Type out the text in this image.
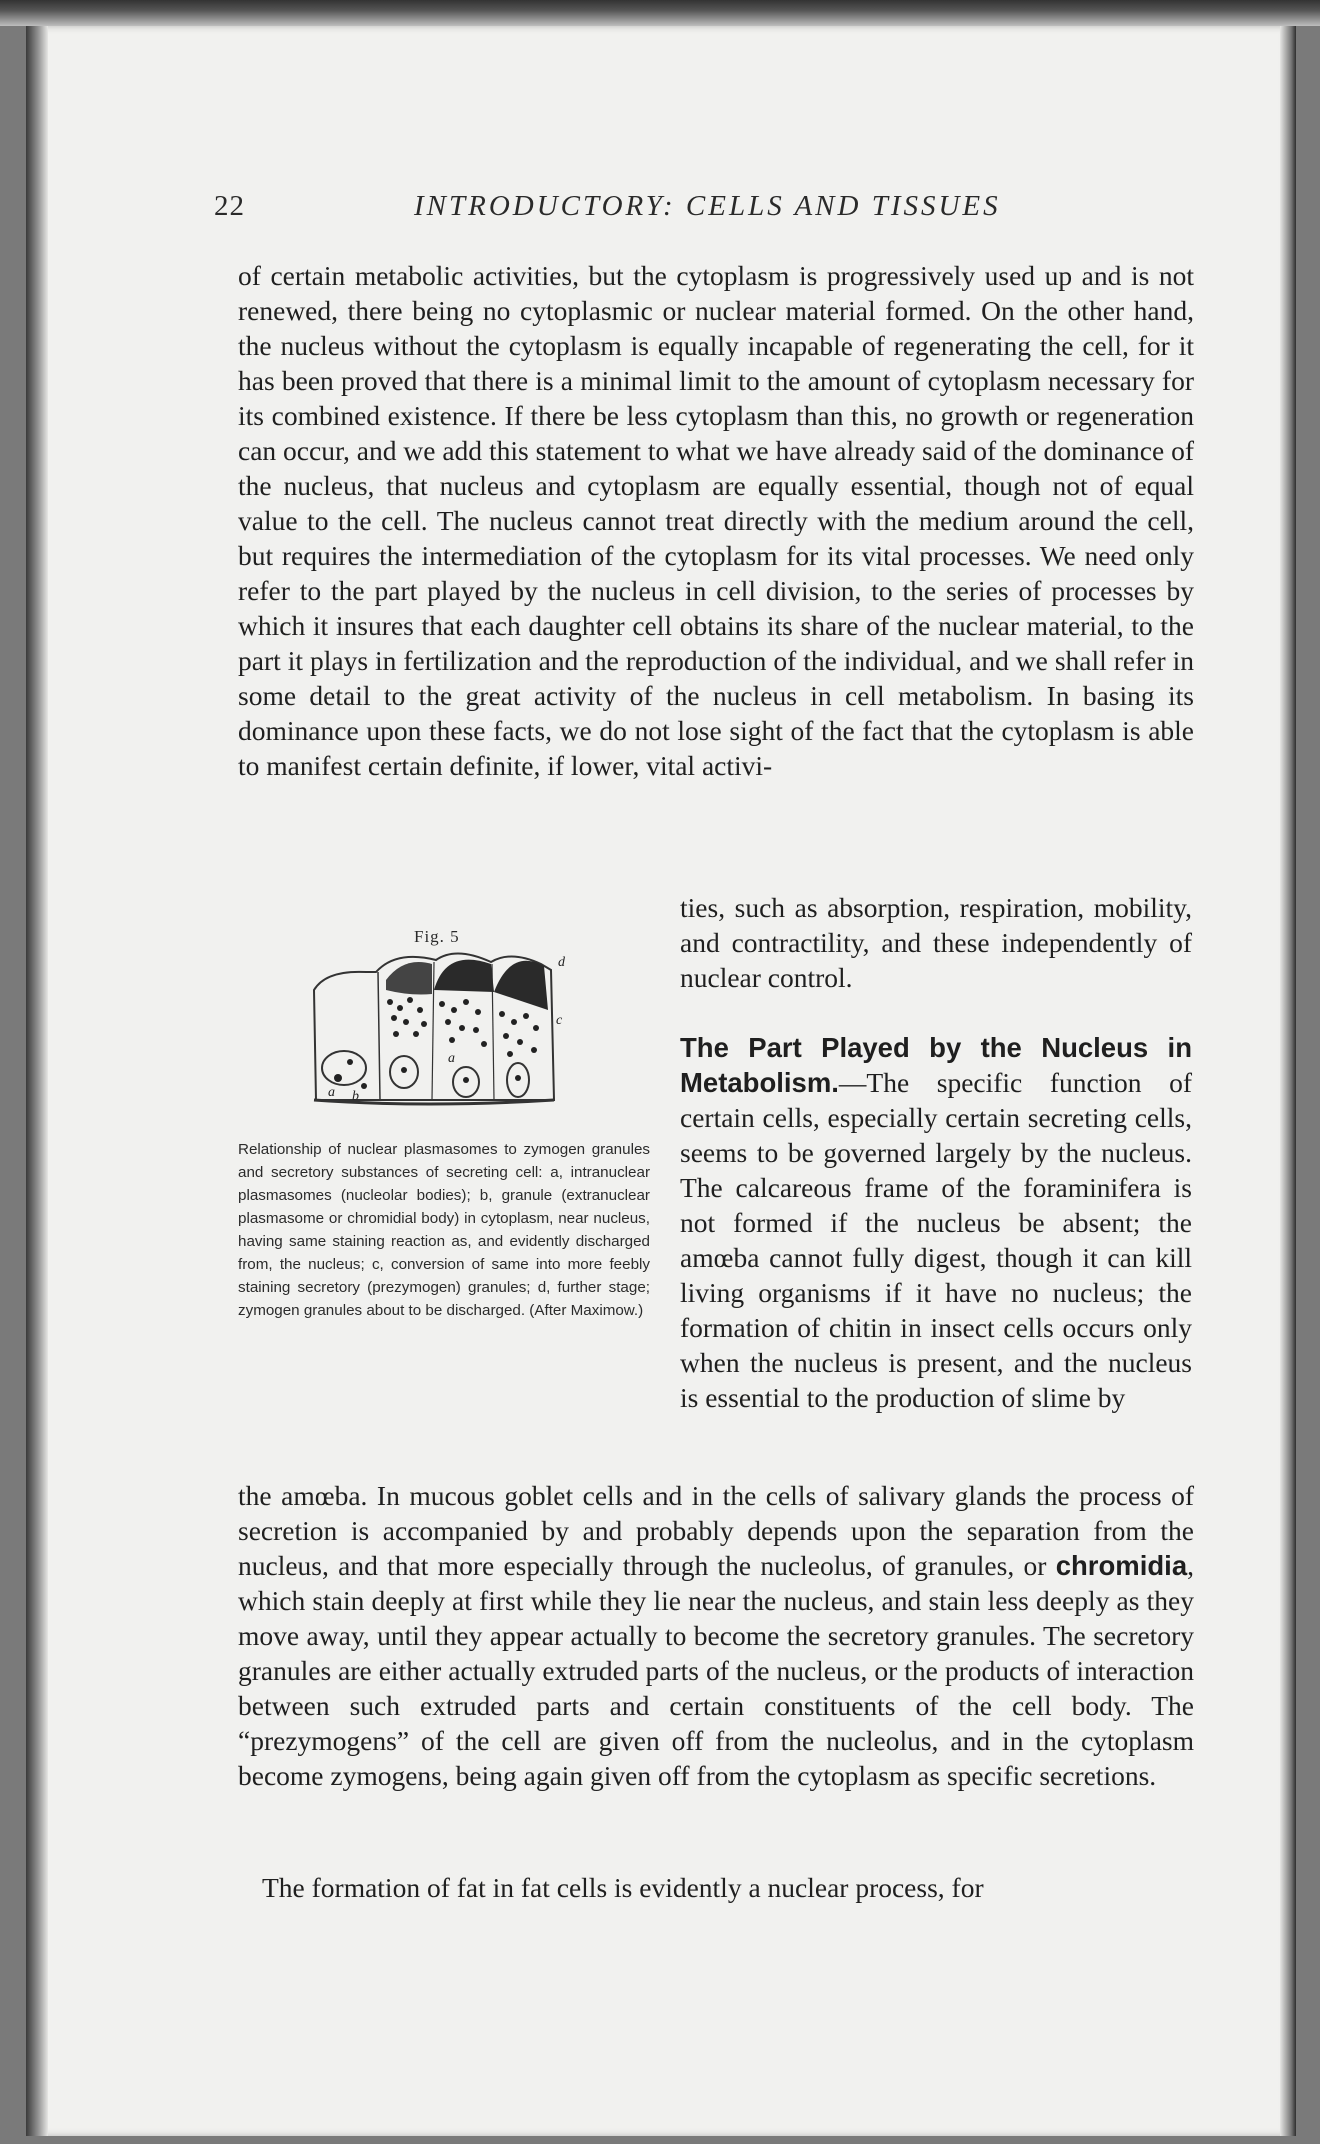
22	INTRODUCTORY: CELLS AND TISSUES

of certain metabolic activities, but the cytoplasm is progressively used up and is not renewed, there being no cytoplasmic or nuclear material formed. On the other hand, the nucleus without the cytoplasm is equally incapable of regenerating the cell, for it has been proved that there is a minimal limit to the amount of cytoplasm necessary for its combined existence. If there be less cytoplasm than this, no growth or regeneration can occur, and we add this statement to what we have already said of the dominance of the nucleus, that nucleus and cytoplasm are equally essential, though not of equal value to the cell. The nucleus cannot treat directly with the medium around the cell, but requires the intermediation of the cytoplasm for its vital processes. We need only refer to the part played by the nucleus in cell division, to the series of processes by which it insures that each daughter cell obtains its share of the nuclear material, to the part it plays in fertilization and the reproduction of the individual, and we shall refer in some detail to the great activity of the nucleus in cell metabolism. In basing its dominance upon these facts, we do not lose sight of the fact that the cytoplasm is able to manifest certain definite, if lower, vital activi-

Fig. 5
a b
a
c
d

Relationship of nuclear plasmasomes to zymogen granules and secretory substances of secreting cell: a, intranuclear plasmasomes (nucleolar bodies); b, granule (extranuclear plasmasome or chromidial body) in cytoplasm, near nucleus, having same staining reaction as, and evidently discharged from, the nucleus; c, conversion of same into more feebly staining secretory (prezymogen) granules; d, further stage; zymogen granules about to be discharged. (After Maximow.)

ties, such as absorption, respiration, mobility, and contractility, and these independently of nuclear control.

The Part Played by the Nucleus in Metabolism.—The specific function of certain cells, especially certain secreting cells, seems to be governed largely by the nucleus. The calcareous frame of the foraminifera is not formed if the nucleus be absent; the amœba cannot fully digest, though it can kill living organisms if it have no nucleus; the formation of chitin in insect cells occurs only when the nucleus is present, and the nucleus is essential to the production of slime by

the amœba. In mucous goblet cells and in the cells of salivary glands the process of secretion is accompanied by and probably depends upon the separation from the nucleus, and that more especially through the nucleolus, of granules, or chromidia, which stain deeply at first while they lie near the nucleus, and stain less deeply as they move away, until they appear actually to become the secretory granules. The secretory granules are either actually extruded parts of the nucleus, or the products of interaction between such extruded parts and certain constituents of the cell body. The “prezymogens” of the cell are given off from the nucleolus, and in the cytoplasm become zymogens, being again given off from the cytoplasm as specific secretions.

The formation of fat in fat cells is evidently a nuclear process, for
